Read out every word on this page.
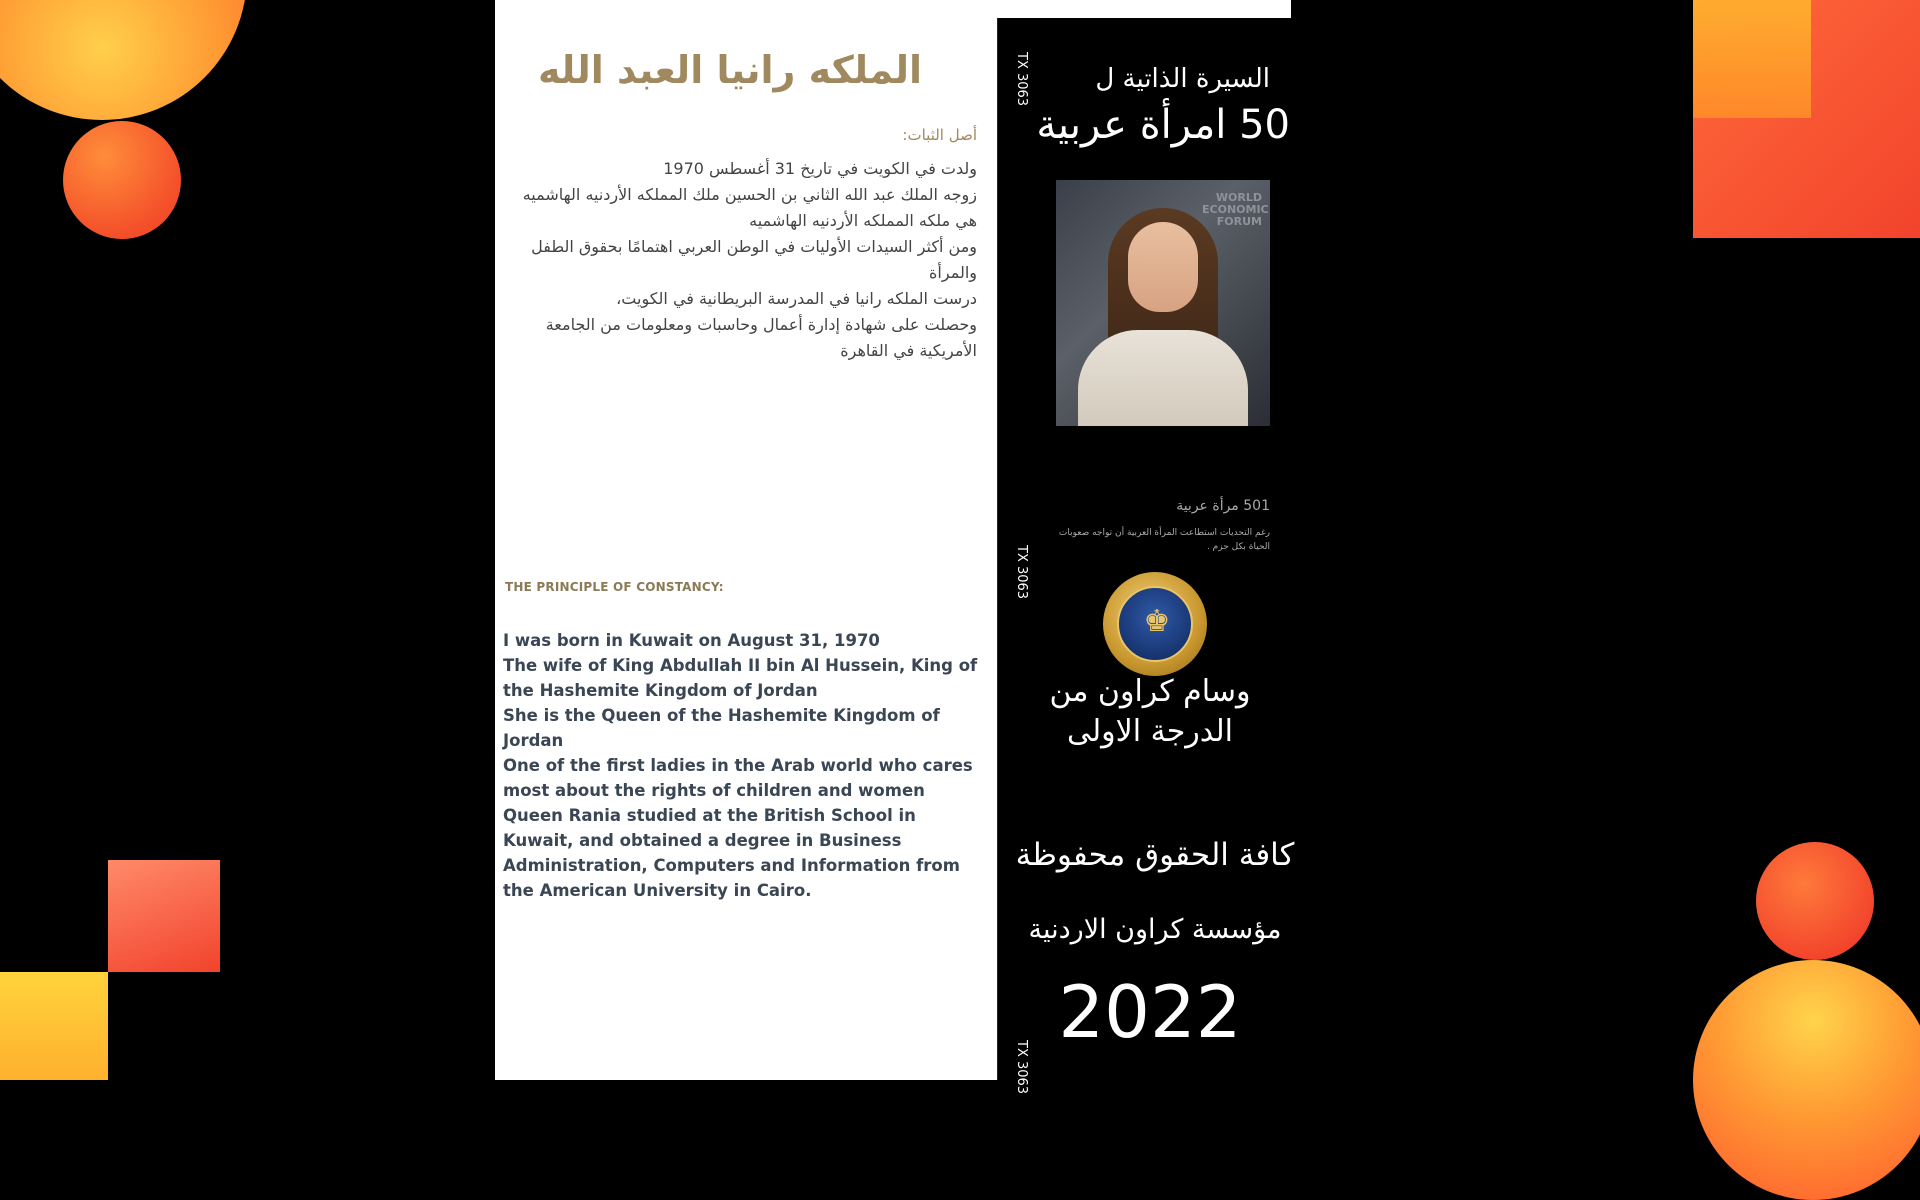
الملكه رانيا العبد الله
أصل الثبات:
ولدت في الكويت في تاريخ 31 أغسطس 1970
زوجه الملك عبد الله الثاني بن الحسين ملك المملكه الأردنيه الهاشميه
هي ملكه المملكه الأردنيه الهاشميه
ومن أكثر السيدات الأوليات في الوطن العربي اهتمامًا بحقوق الطفل والمرأة
درست الملكه رانيا في المدرسة البريطانية في الكويت،
وحصلت على شهادة إدارة أعمال وحاسبات ومعلومات من الجامعة الأمريكية في القاهرة
THE PRINCIPLE OF CONSTANCY:
I was born in Kuwait on August 31, 1970
The wife of King Abdullah II bin Al Hussein, King of the Hashemite Kingdom of Jordan
She is the Queen of the Hashemite Kingdom of Jordan
One of the first ladies in the Arab world who cares most about the rights of children and women
Queen Rania studied at the British School in Kuwait, and obtained a degree in Business Administration, Computers and Information from the American University in Cairo.
السيرة الذاتية ل
50 امرأة عربية
WORLD ECONOMIC FORUM
501 مرأة عربية
رغم التحديات استطاعت المرأة العربية أن تواجه صعوبات الحياة بكل حزم .
♚
وسام كراون من الدرجة الاولى
كافة الحقوق محفوظة
مؤسسة كراون الاردنية
2022
TX 3063
TX 3063
TX 3063
